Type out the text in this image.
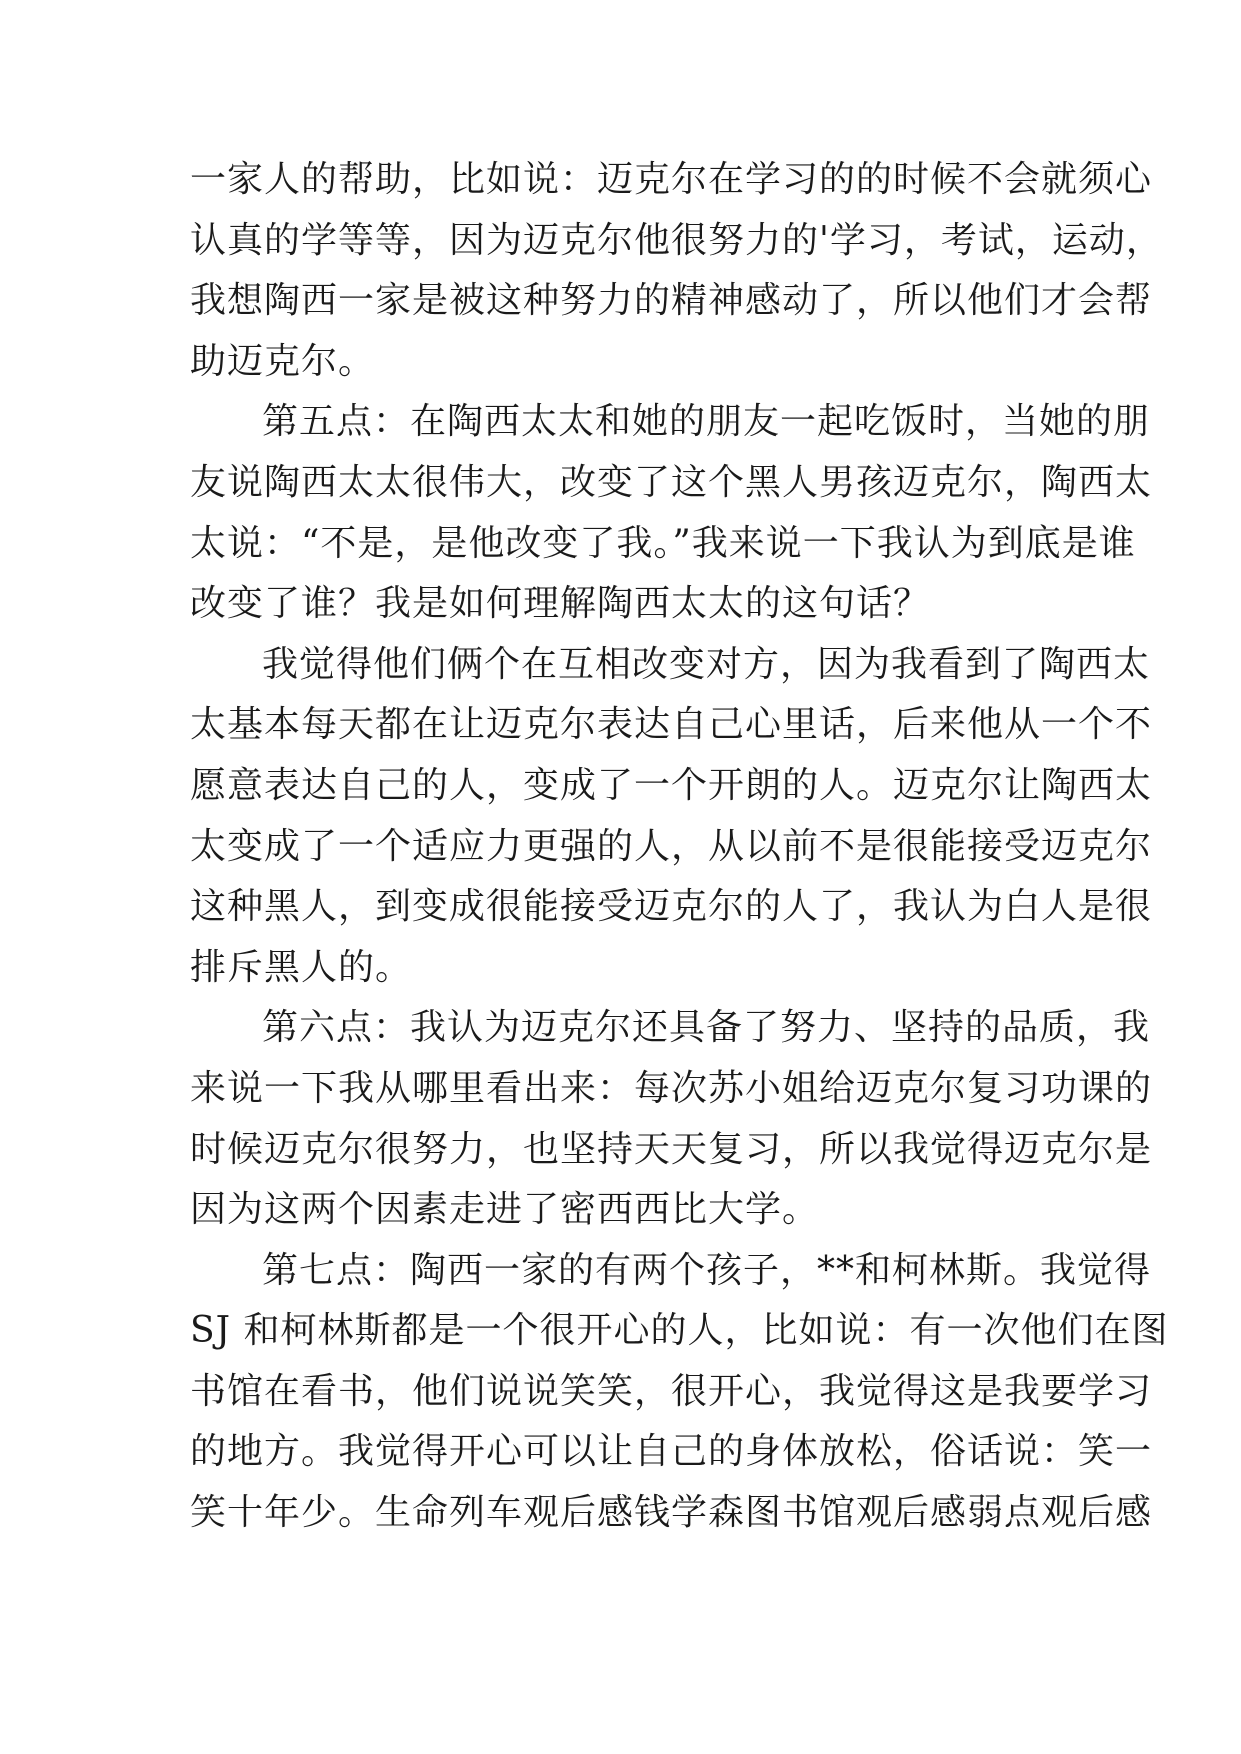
一家人的帮助，比如说：迈克尔在学习的的时候不会就须心
认真的学等等，因为迈克尔他很努力的'学习，考试，运动，
我想陶西一家是被这种努力的精神感动了，所以他们才会帮
助迈克尔。
第五点：在陶西太太和她的朋友一起吃饭时，当她的朋
友说陶西太太很伟大，改变了这个黑人男孩迈克尔，陶西太
太说：“不是，是他改变了我。”我来说一下我认为到底是谁
改变了谁？我是如何理解陶西太太的这句话？
我觉得他们俩个在互相改变对方，因为我看到了陶西太
太基本每天都在让迈克尔表达自己心里话，后来他从一个不
愿意表达自己的人，变成了一个开朗的人。迈克尔让陶西太
太变成了一个适应力更强的人，从以前不是很能接受迈克尔
这种黑人，到变成很能接受迈克尔的人了，我认为白人是很
排斥黑人的。
第六点：我认为迈克尔还具备了努力、坚持的品质，我
来说一下我从哪里看出来：每次苏小姐给迈克尔复习功课的
时候迈克尔很努力，也坚持天天复习，所以我觉得迈克尔是
因为这两个因素走进了密西西比大学。
第七点：陶西一家的有两个孩子，**和柯林斯。我觉得
SJ 和柯林斯都是一个很开心的人，比如说：有一次他们在图
书馆在看书，他们说说笑笑，很开心，我觉得这是我要学习
的地方。我觉得开心可以让自己的身体放松，俗话说：笑一
笑十年少。生命列车观后感钱学森图书馆观后感弱点观后感
